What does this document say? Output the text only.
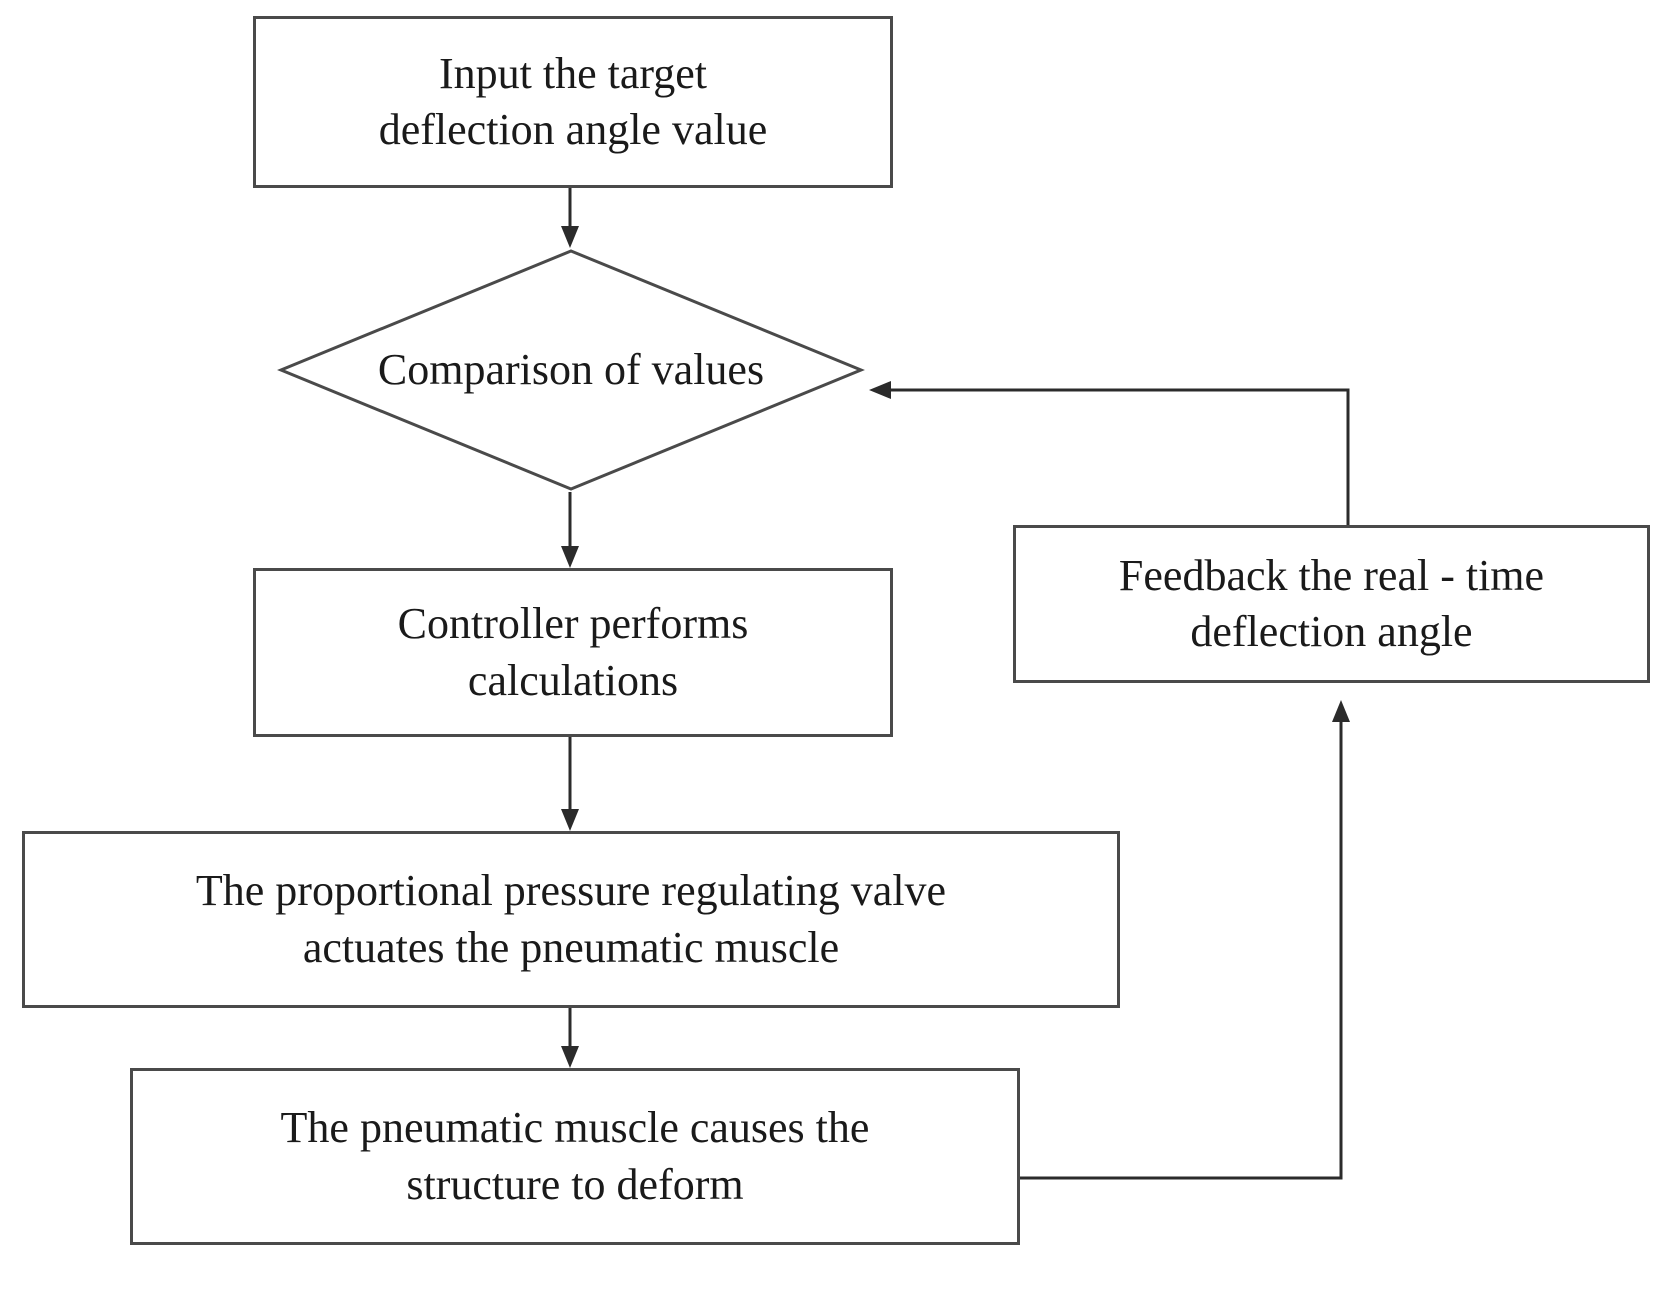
Input the target
deflection angle value
Comparison of values
Controller performs
calculations
The proportional pressure regulating valve
actuates the pneumatic muscle
The pneumatic muscle causes the
structure to deform
Feedback the real - time
deflection angle
